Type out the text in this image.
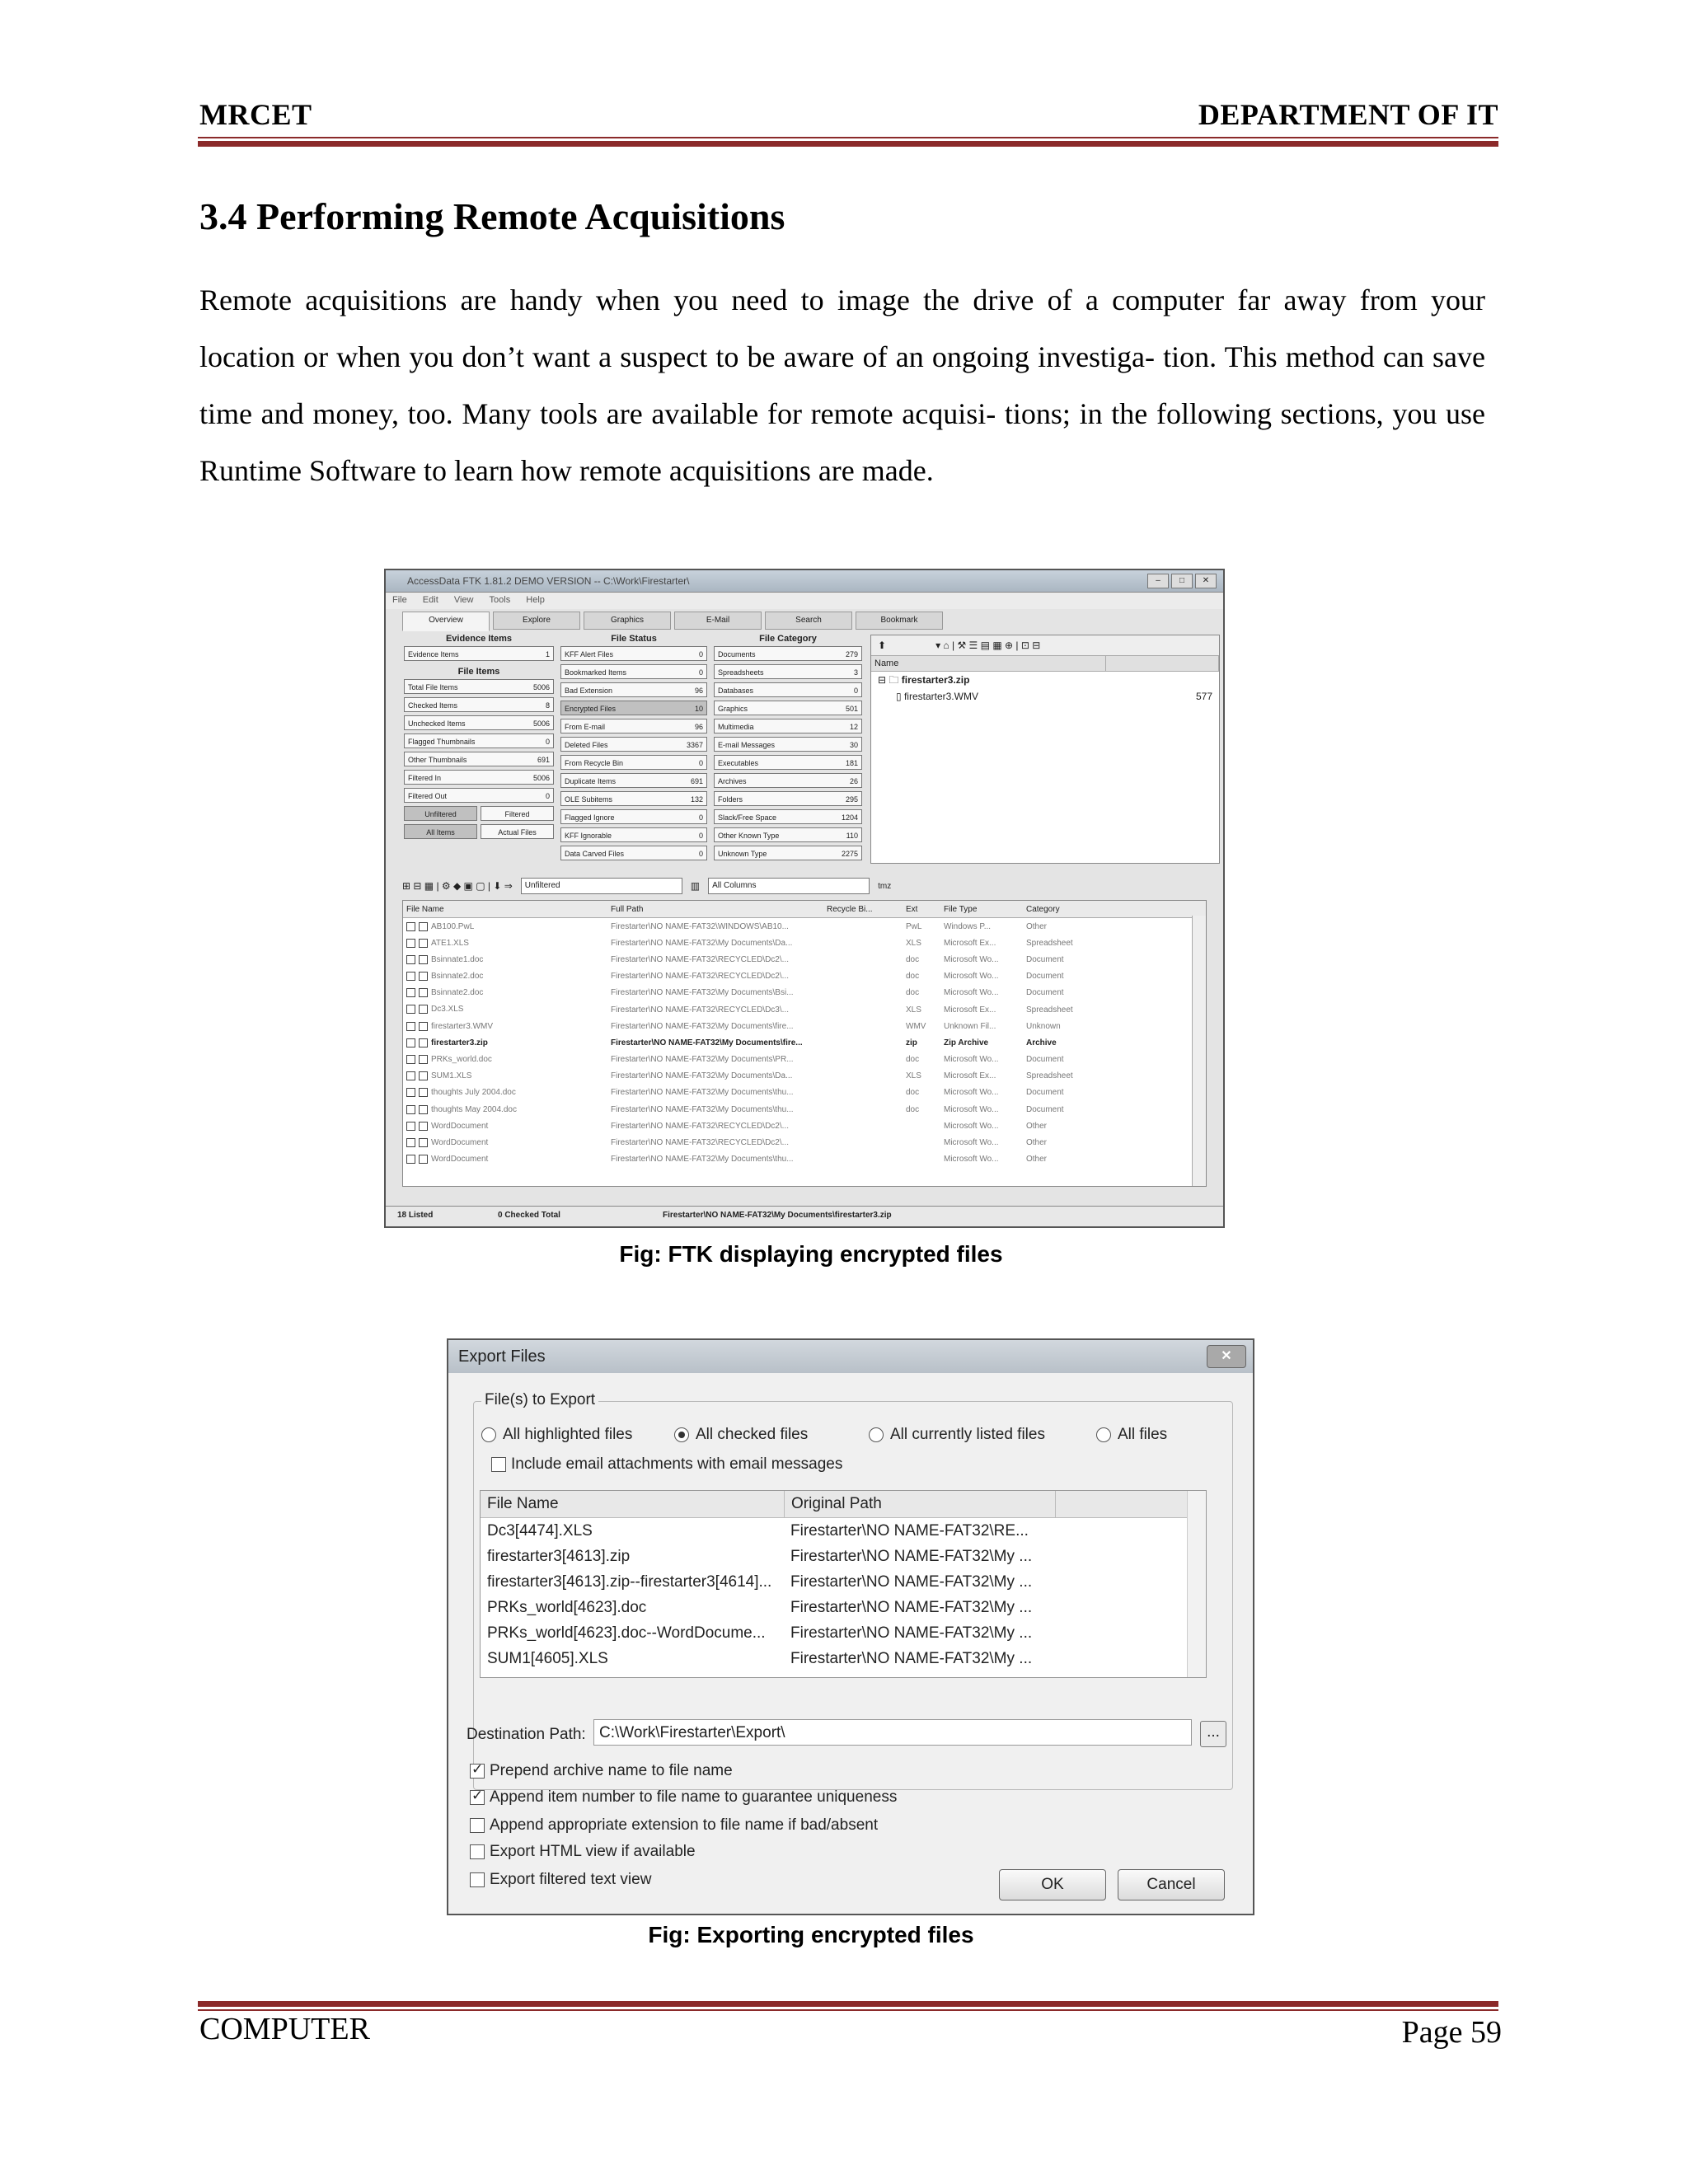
MRCET	DEPARTMENT OF IT
3.4 Performing Remote Acquisitions

Remote acquisitions are handy when you need to image the drive of a computer far away from your location or when you don’t want a suspect to be aware of an ongoing investiga- tion. This method can save time and money, too. Many tools are available for remote acquisi- tions; in the following sections, you use Runtime Software to learn how remote acquisitions are made.

AccessData FTK 1.81.2 DEMO VERSION -- C:\Work\Firestarter\	–	□	✕
File Edit View Tools Help
Overview	Explore	Graphics	E-Mail	Search	Bookmark
Evidence Items
Evidence Items	1
File Items
Total File Items	5006
Checked Items	8
Unchecked Items	5006
Flagged Thumbnails	0
Other Thumbnails	691
Filtered In	5006
Filtered Out	0
Unfiltered	Filtered
All Items	Actual Files
File Status
KFF Alert Files	0
Bookmarked Items	0
Bad Extension	96
Encrypted Files	10
From E-mail	96
Deleted Files	3367
From Recycle Bin	0
Duplicate Items	691
OLE Subitems	132
Flagged Ignore	0
KFF Ignorable	0
Data Carved Files	0
File Category
Documents	279
Spreadsheets	3
Databases	0
Graphics	501
Multimedia	12
E-mail Messages	30
Executables	181
Archives	26
Folders	295
Slack/Free Space	1204
Other Known Type	110
Unknown Type	2275
⬆	▾ ⌂ | ⚒ ☰ ▤ ▦ ⊕ | ⊡ ⊟
Name
⊟ 🗀 firestarter3.zip
▯ firestarter3.WMV	577
⊞ ⊟ ▦ | ⚙ ◆ ▣ ▢ | ⬇ ⇒	Unfiltered	▥	All Columns	tmz
File Name	Full Path	Recycle Bi...	Ext	File Type	Category
AB100.PwL	Firestarter\NO NAME-FAT32\WINDOWS\AB10...		PwL	Windows P...	Other
ATE1.XLS	Firestarter\NO NAME-FAT32\My Documents\Da...		XLS	Microsoft Ex...	Spreadsheet
Bsinnate1.doc	Firestarter\NO NAME-FAT32\RECYCLED\Dc2\...		doc	Microsoft Wo...	Document
Bsinnate2.doc	Firestarter\NO NAME-FAT32\RECYCLED\Dc2\...		doc	Microsoft Wo...	Document
Bsinnate2.doc	Firestarter\NO NAME-FAT32\My Documents\Bsi...		doc	Microsoft Wo...	Document
Dc3.XLS	Firestarter\NO NAME-FAT32\RECYCLED\Dc3\...		XLS	Microsoft Ex...	Spreadsheet
firestarter3.WMV	Firestarter\NO NAME-FAT32\My Documents\fire...		WMV	Unknown Fil...	Unknown
firestarter3.zip	Firestarter\NO NAME-FAT32\My Documents\fire...		zip	Zip Archive	Archive
PRKs_world.doc	Firestarter\NO NAME-FAT32\My Documents\PR...		doc	Microsoft Wo...	Document
SUM1.XLS	Firestarter\NO NAME-FAT32\My Documents\Da...		XLS	Microsoft Ex...	Spreadsheet
thoughts July 2004.doc	Firestarter\NO NAME-FAT32\My Documents\thu...		doc	Microsoft Wo...	Document
thoughts May 2004.doc	Firestarter\NO NAME-FAT32\My Documents\thu...		doc	Microsoft Wo...	Document
WordDocument	Firestarter\NO NAME-FAT32\RECYCLED\Dc2\...			Microsoft Wo...	Other
WordDocument	Firestarter\NO NAME-FAT32\RECYCLED\Dc2\...			Microsoft Wo...	Other
WordDocument	Firestarter\NO NAME-FAT32\My Documents\thu...			Microsoft Wo...	Other
18 Listed	0 Checked Total	Firestarter\NO NAME-FAT32\My Documents\firestarter3.zip
Fig: FTK displaying encrypted files
Export Files	✕
File(s) to Export
All highlighted files	All checked files	All currently listed files	All files
Include email attachments with email messages
File Name	Original Path
Dc3[4474].XLS	Firestarter\NO NAME-FAT32\RE...
firestarter3[4613].zip	Firestarter\NO NAME-FAT32\My ...
firestarter3[4613].zip--firestarter3[4614]...	Firestarter\NO NAME-FAT32\My ...
PRKs_world[4623].doc	Firestarter\NO NAME-FAT32\My ...
PRKs_world[4623].doc--WordDocume...	Firestarter\NO NAME-FAT32\My ...
SUM1[4605].XLS	Firestarter\NO NAME-FAT32\My ...
Destination Path: C:\Work\Firestarter\Export\	...
✓Prepend archive name to file name
✓Append item number to file name to guarantee uniqueness
Append appropriate extension to file name if bad/absent
Export HTML view if available
Export filtered text view	OK	Cancel
Fig: Exporting encrypted files
COMPUTER	Page 59
